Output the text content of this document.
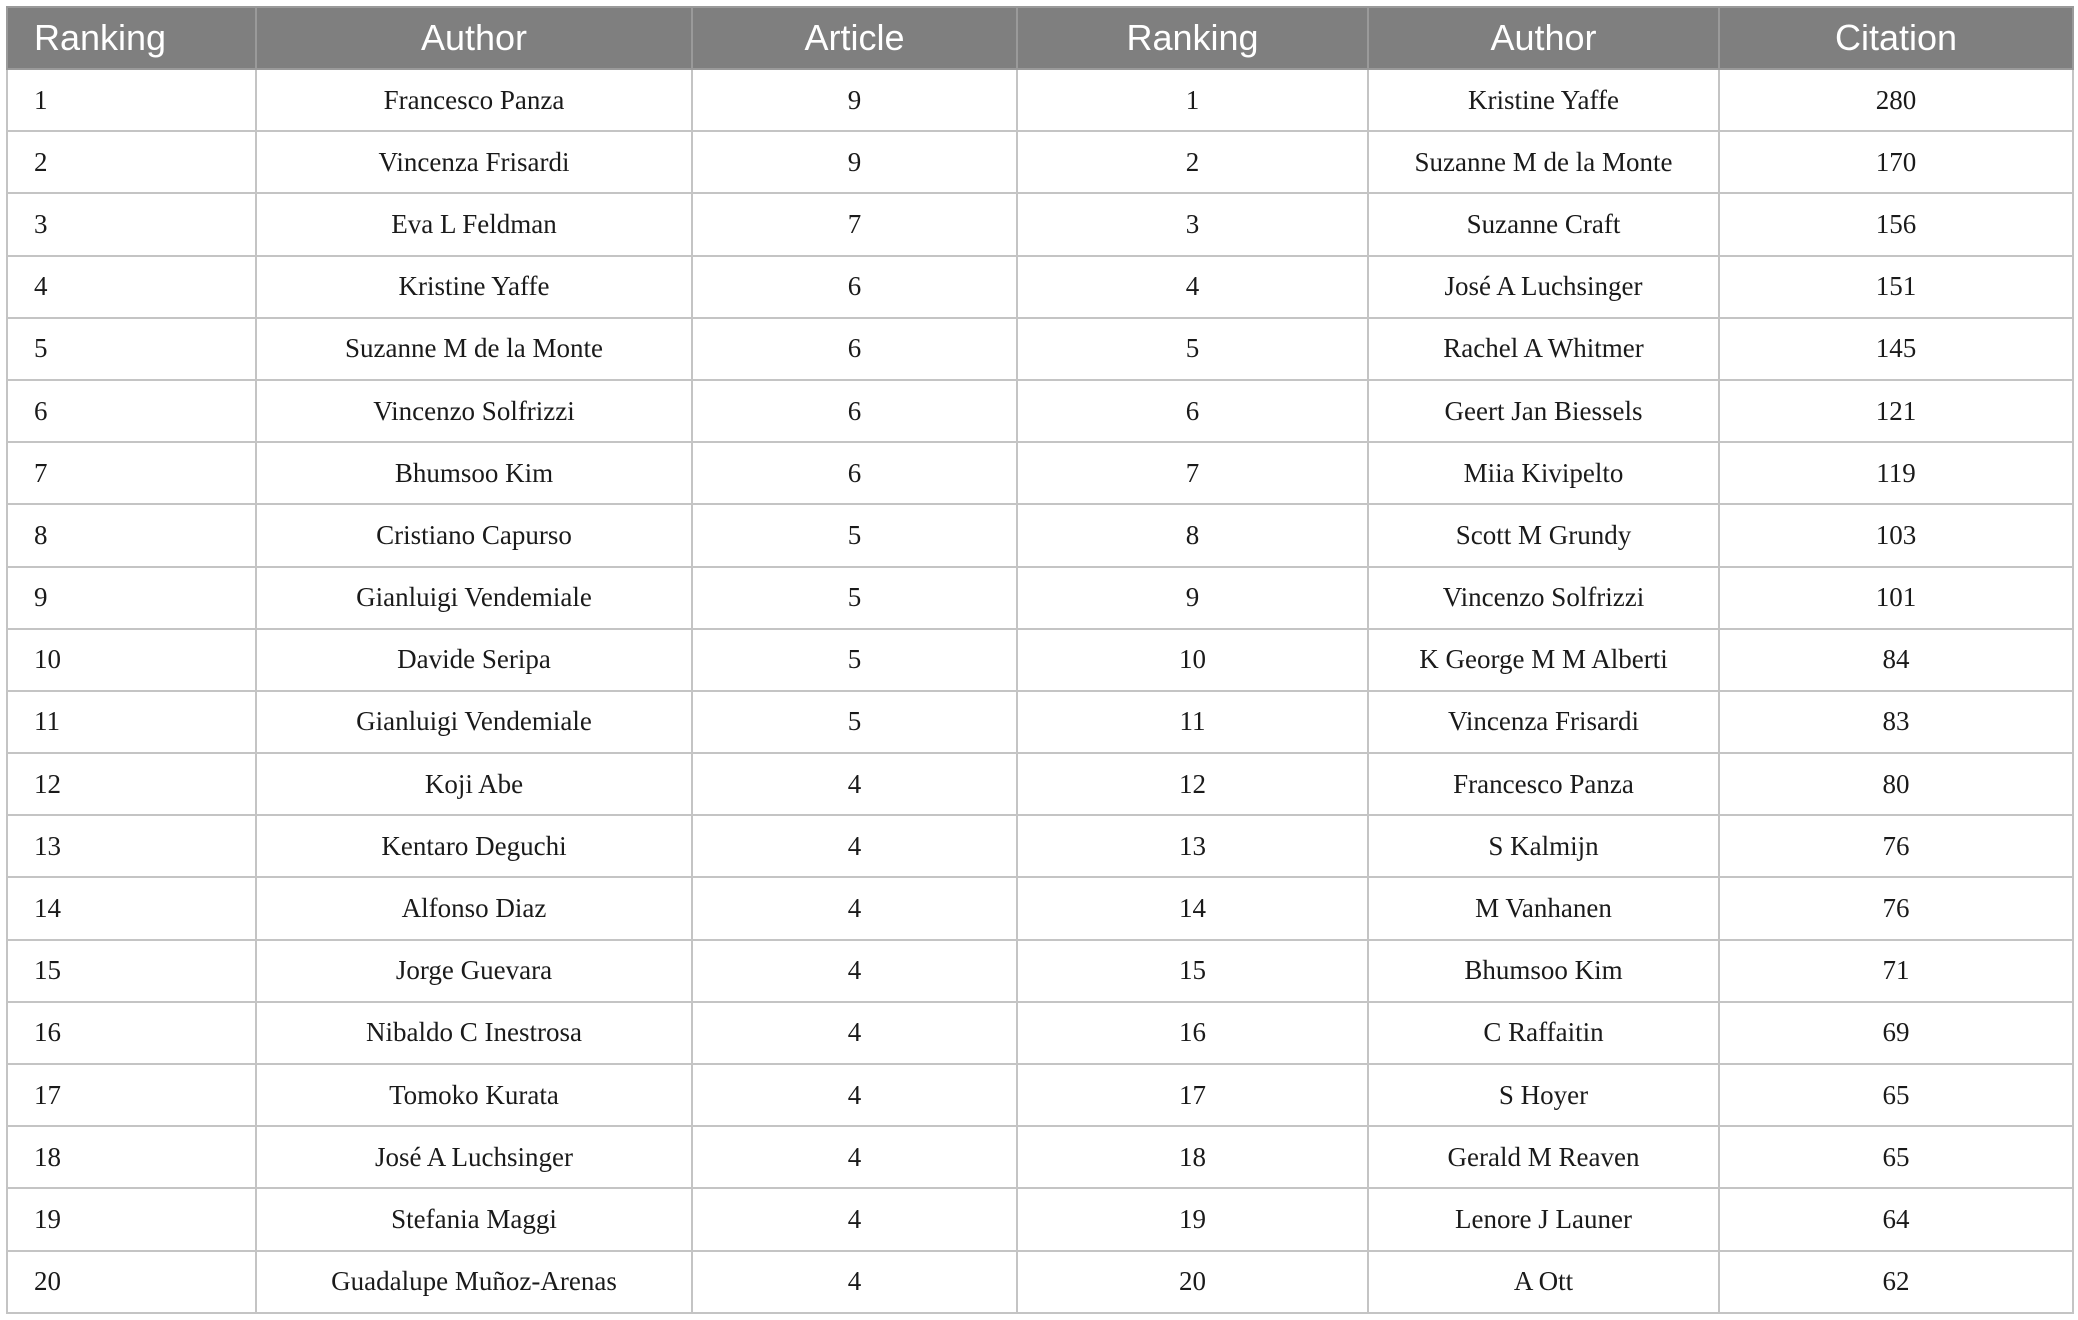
Ranking	Author	Article	Ranking	Author	Citation
1	Francesco Panza	9	1	Kristine Yaffe	280
2	Vincenza Frisardi	9	2	Suzanne M de la Monte	170
3	Eva L Feldman	7	3	Suzanne Craft	156
4	Kristine Yaffe	6	4	José A Luchsinger	151
5	Suzanne M de la Monte	6	5	Rachel A Whitmer	145
6	Vincenzo Solfrizzi	6	6	Geert Jan Biessels	121
7	Bhumsoo Kim	6	7	Miia Kivipelto	119
8	Cristiano Capurso	5	8	Scott M Grundy	103
9	Gianluigi Vendemiale	5	9	Vincenzo Solfrizzi	101
10	Davide Seripa	5	10	K George M M Alberti	84
11	Gianluigi Vendemiale	5	11	Vincenza Frisardi	83
12	Koji Abe	4	12	Francesco Panza	80
13	Kentaro Deguchi	4	13	S Kalmijn	76
14	Alfonso Diaz	4	14	M Vanhanen	76
15	Jorge Guevara	4	15	Bhumsoo Kim	71
16	Nibaldo C Inestrosa	4	16	C Raffaitin	69
17	Tomoko Kurata	4	17	S Hoyer	65
18	José A Luchsinger	4	18	Gerald M Reaven	65
19	Stefania Maggi	4	19	Lenore J Launer	64
20	Guadalupe Muñoz-Arenas	4	20	A Ott	62
